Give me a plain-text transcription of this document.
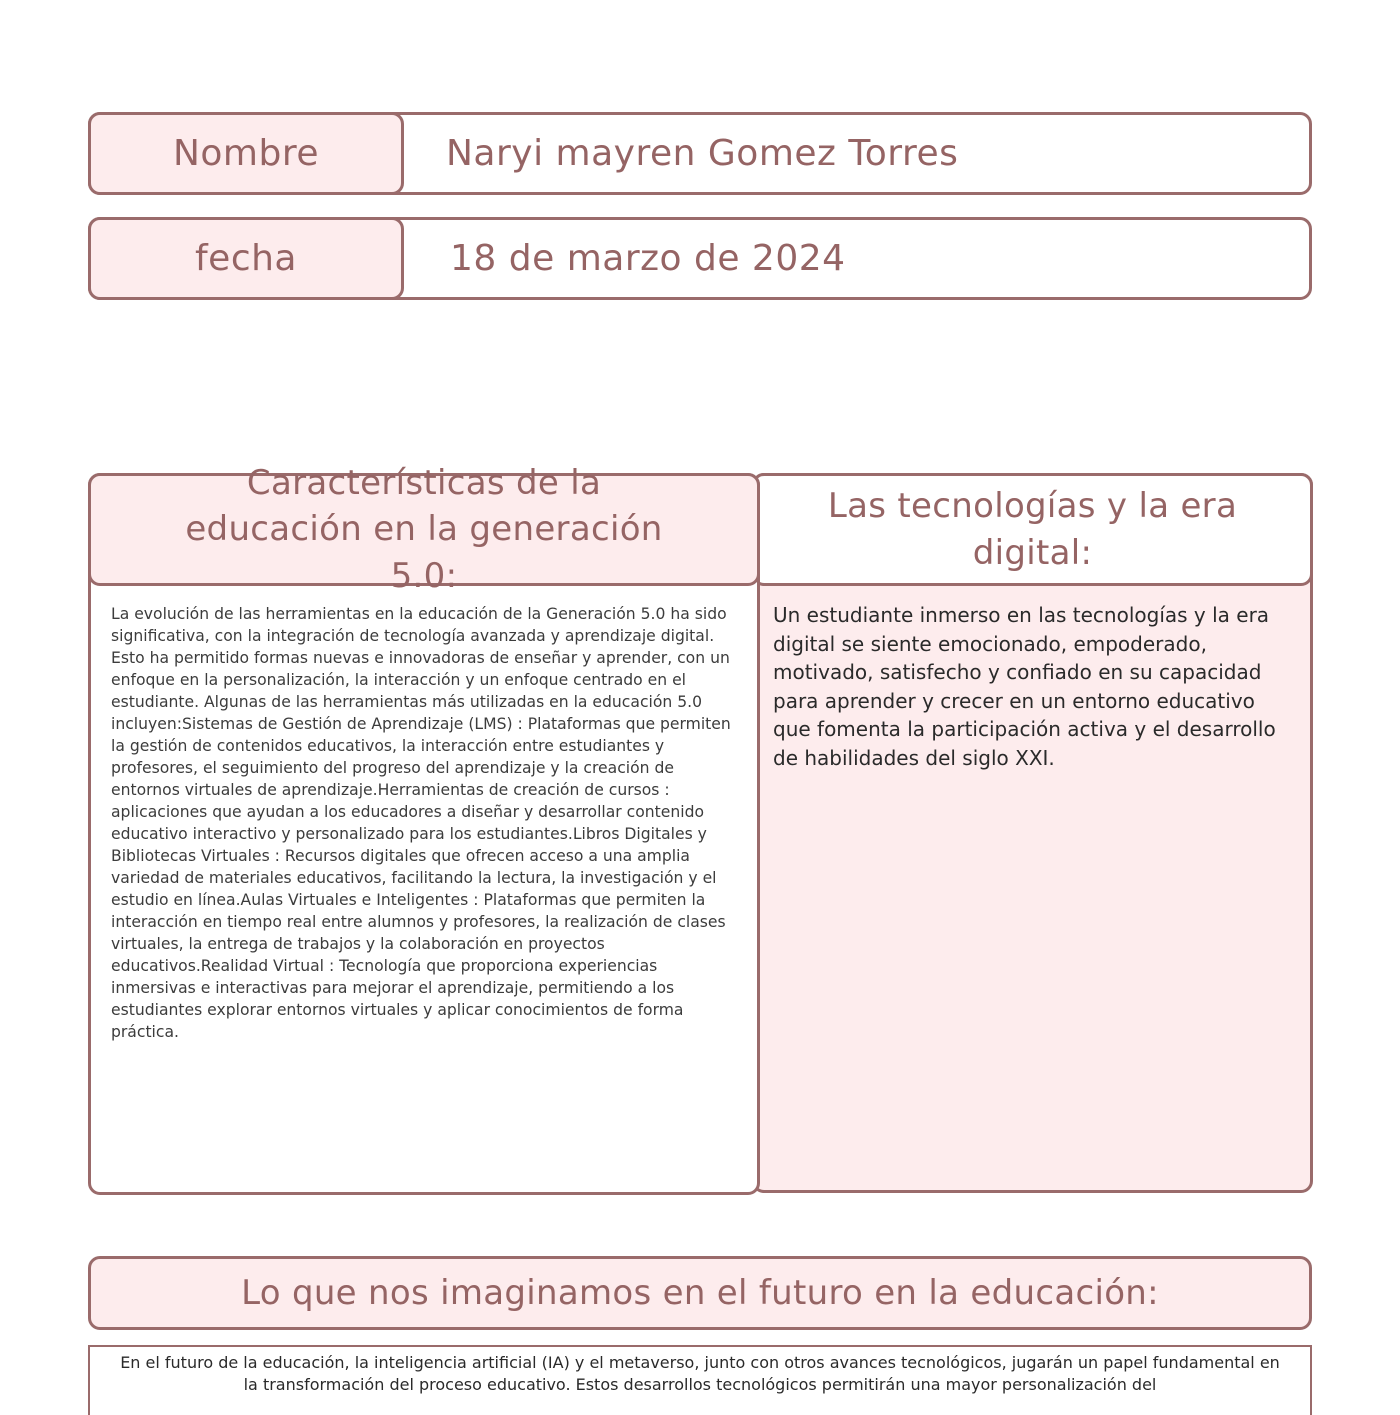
Nombre	Naryi mayren Gomez Torres
fecha	18 de marzo de 2024
Las tecnologías y la era digital:

Un estudiante inmerso en las tecnologías y la era digital se siente emocionado, empoderado, motivado, satisfecho y confiado en su capacidad para aprender y crecer en un entorno educativo que fomenta la participación activa y el desarrollo de habilidades del siglo XXI.

Características de la educación en la generación 5.0:

La evolución de las herramientas en la educación de la Generación 5.0 ha sido significativa, con la integración de tecnología avanzada y aprendizaje digital. Esto ha permitido formas nuevas e innovadoras de enseñar y aprender, con un enfoque en la personalización, la interacción y un enfoque centrado en el estudiante. Algunas de las herramientas más utilizadas en la educación 5.0 incluyen:Sistemas de Gestión de Aprendizaje (LMS) : Plataformas que permiten la gestión de contenidos educativos, la interacción entre estudiantes y profesores, el seguimiento del progreso del aprendizaje y la creación de entornos virtuales de aprendizaje.Herramientas de creación de cursos : aplicaciones que ayudan a los educadores a diseñar y desarrollar contenido educativo interactivo y personalizado para los estudiantes.Libros Digitales y Bibliotecas Virtuales : Recursos digitales que ofrecen acceso a una amplia variedad de materiales educativos, facilitando la lectura, la investigación y el estudio en línea.Aulas Virtuales e Inteligentes : Plataformas que permiten la interacción en tiempo real entre alumnos y profesores, la realización de clases virtuales, la entrega de trabajos y la colaboración en proyectos educativos.Realidad Virtual : Tecnología que proporciona experiencias inmersivas e interactivas para mejorar el aprendizaje, permitiendo a los estudiantes explorar entornos virtuales y aplicar conocimientos de forma práctica.

Lo que nos imaginamos en el futuro en la educación:

En el futuro de la educación, la inteligencia artificial (IA) y el metaverso, junto con otros avances tecnológicos, jugarán un papel fundamental en la transformación del proceso educativo. Estos desarrollos tecnológicos permitirán una mayor personalización del
